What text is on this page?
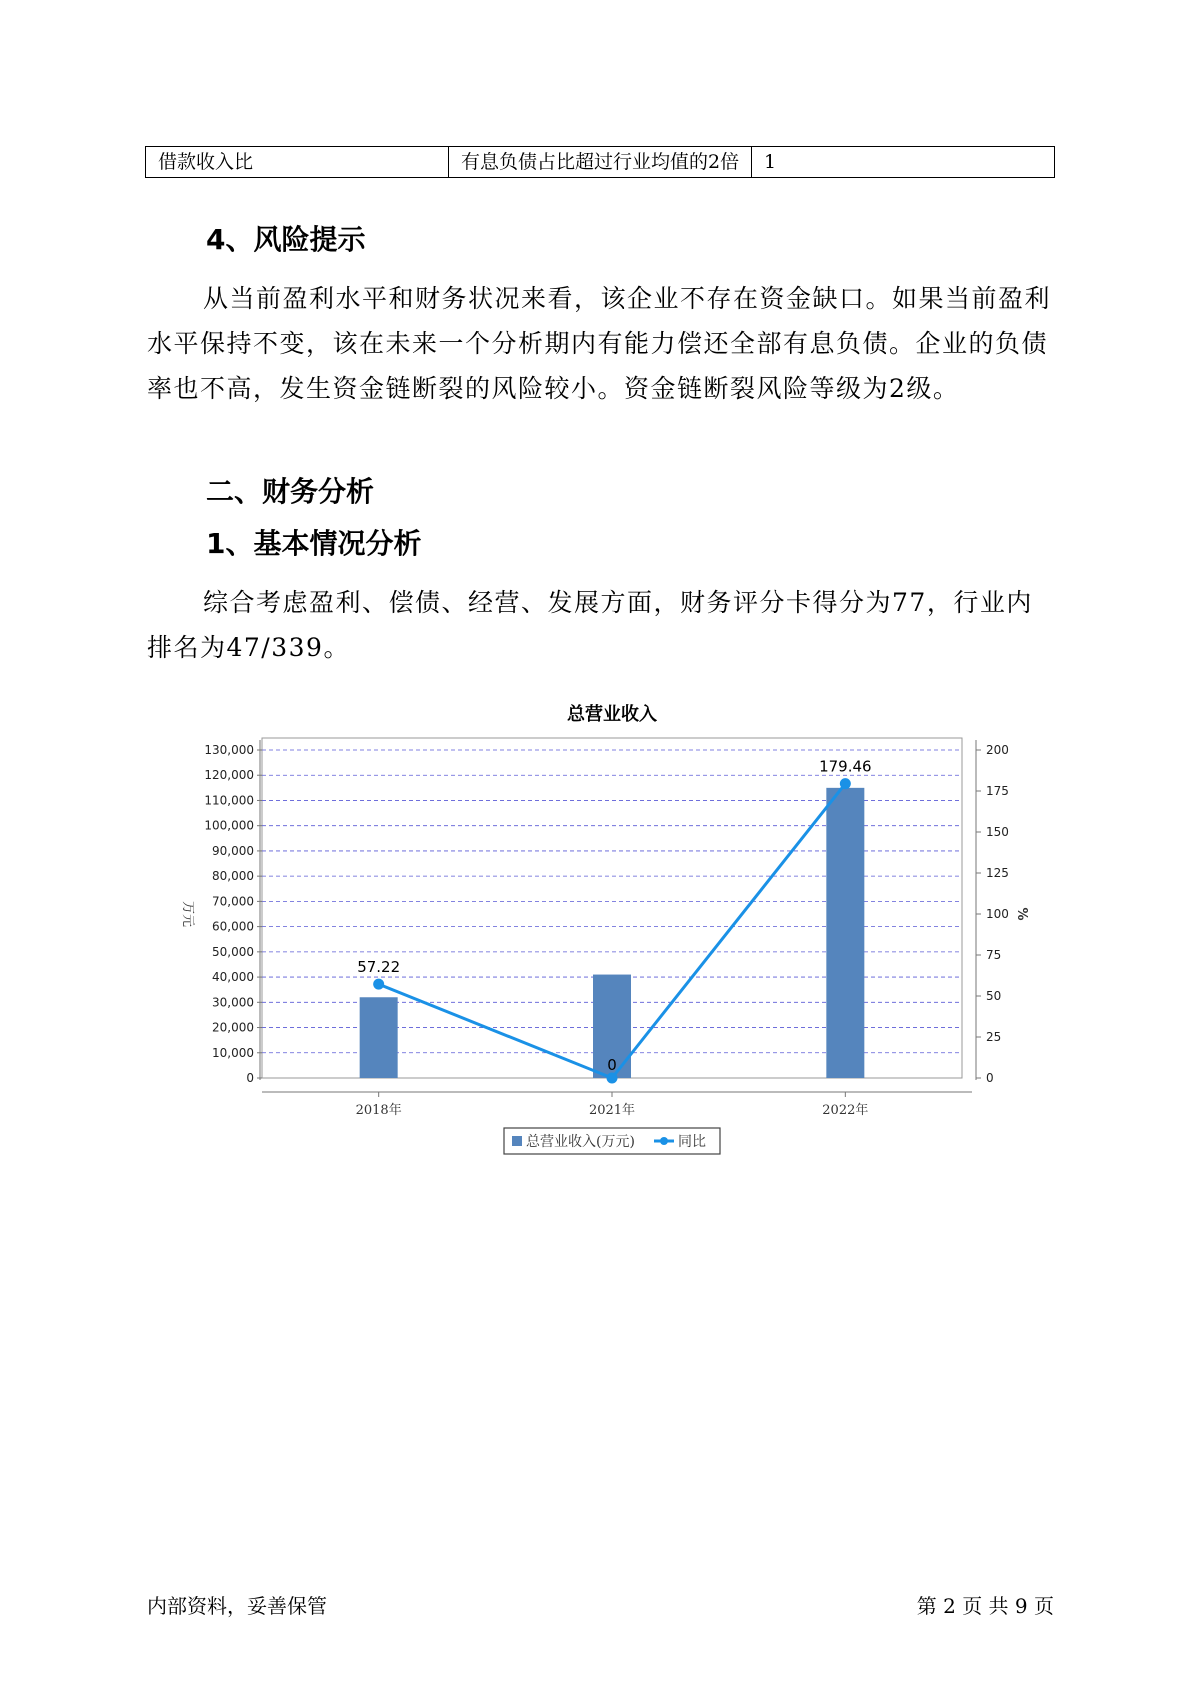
借款收入比	有息负债占比超过行业均值的2倍	1
4、风险提示

从当前盈利水平和财务状况来看，该企业不存在资金缺口。如果当前盈利水平保持不变，该在未来一个分析期内有能力偿还全部有息负债。企业的负债率也不高，发生资金链断裂的风险较小。资金链断裂风险等级为2级。

二、财务分析
1、基本情况分析

综合考虑盈利、偿债、经营、发展方面，财务评分卡得分为77，行业内排名为47/339。

总营业收入
0
10,000
20,000
30,000
40,000
50,000
60,000
70,000
80,000
90,000
100,000
110,000
120,000
130,000
0
25
50
75
100
125
150
175
200
万元	%
2018年	2021年	2022年
57.22
0
179.46
总营业收入(万元)	同比
内部资料，妥善保管	第 2 页 共 9 页
